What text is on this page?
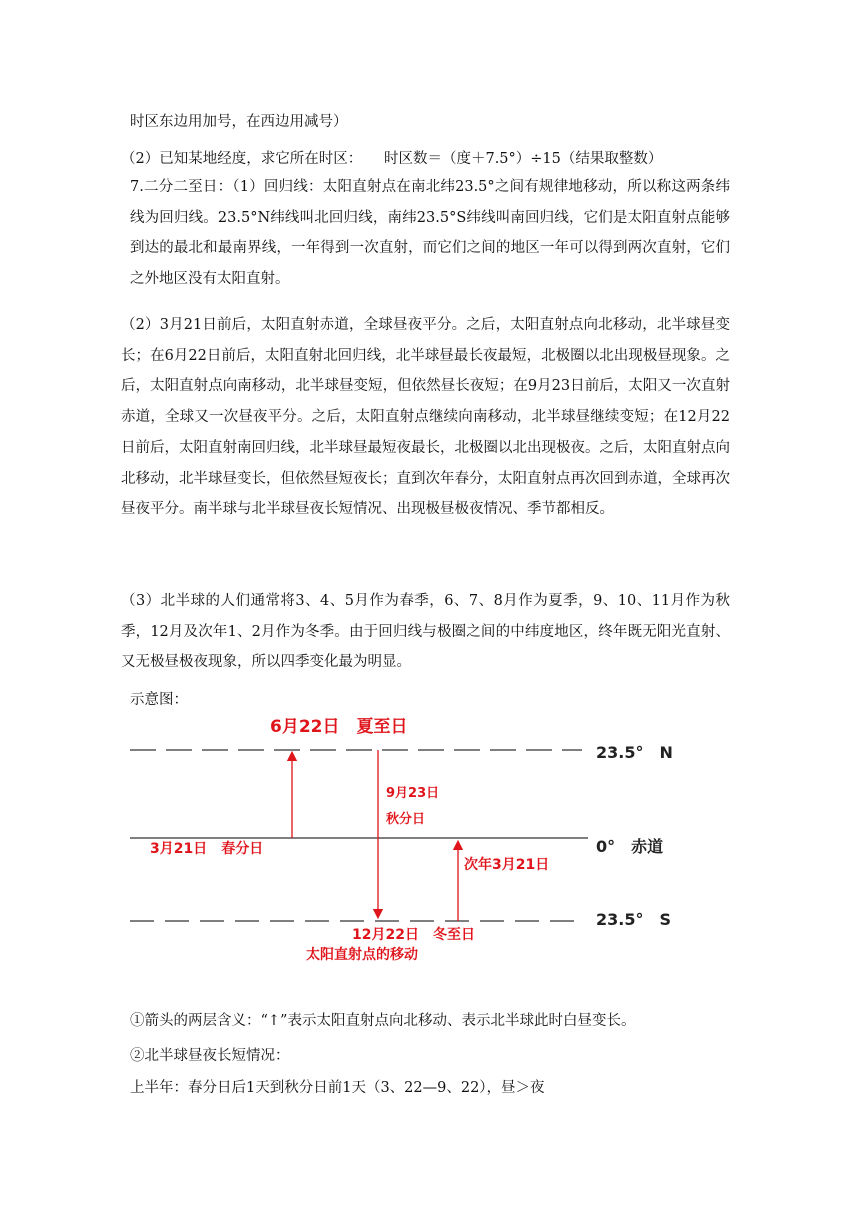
时区东边用加号，在西边用减号）

（2）已知某地经度，求它所在时区：　　时区数＝（度＋7.5°）÷15（结果取整数）

7.二分二至日：（1）回归线：太阳直射点在南北纬23.5°之间有规律地移动，所以称这两条纬线为回归线。23.5°N纬线叫北回归线，南纬23.5°S纬线叫南回归线，它们是太阳直射点能够到达的最北和最南界线，一年得到一次直射，而它们之间的地区一年可以得到两次直射，它们之外地区没有太阳直射。

（2）3月21日前后，太阳直射赤道，全球昼夜平分。之后，太阳直射点向北移动，北半球昼变长；在6月22日前后，太阳直射北回归线，北半球昼最长夜最短，北极圈以北出现极昼现象。之后，太阳直射点向南移动，北半球昼变短，但依然昼长夜短；在9月23日前后，太阳又一次直射赤道，全球又一次昼夜平分。之后，太阳直射点继续向南移动，北半球昼继续变短；在12月22日前后，太阳直射南回归线，北半球昼最短夜最长，北极圈以北出现极夜。之后，太阳直射点向北移动，北半球昼变长，但依然昼短夜长；直到次年春分，太阳直射点再次回到赤道，全球再次昼夜平分。南半球与北半球昼夜长短情况、出现极昼极夜情况、季节都相反。

（3）北半球的人们通常将3、4、5月作为春季，6、7、8月作为夏季，9、10、11月作为秋季，12月及次年1、2月作为冬季。由于回归线与极圈之间的中纬度地区，终年既无阳光直射、又无极昼极夜现象，所以四季变化最为明显。

示意图：

6月22日　夏至日
23.5°　N
9月23日
秋分日
3月21日　春分日	0°　赤道
次年3月21日
23.5°　S
12月22日　冬至日
太阳直射点的移动

①箭头的两层含义：“↑”表示太阳直射点向北移动、表示北半球此时白昼变长。

②北半球昼夜长短情况：

上半年：春分日后1天到秋分日前1天（3、22—9、22），昼＞夜
